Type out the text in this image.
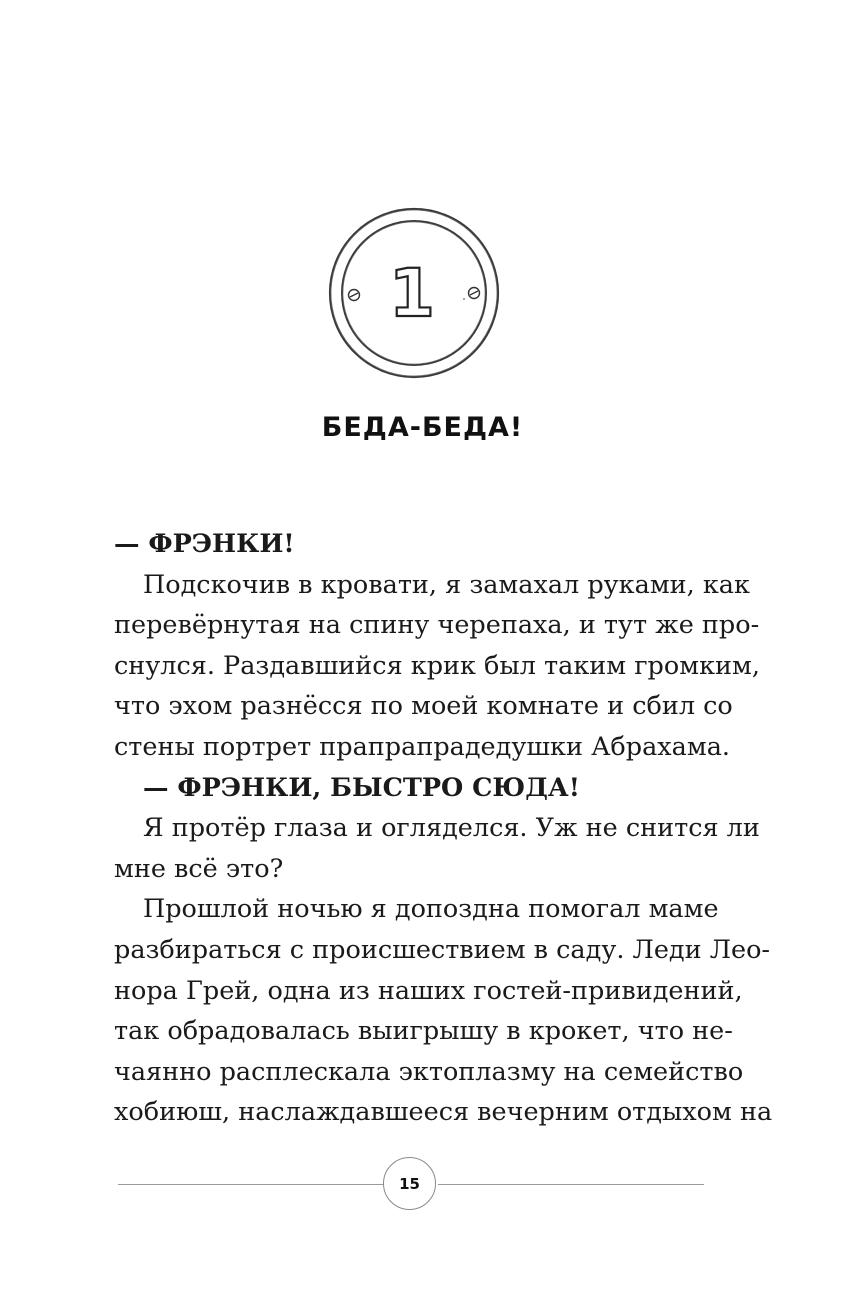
1
БЕДА-БЕДА!
— ФРЭНКИ!
Подскочив в кровати, я замахал руками, как
перевёрнутая на спину черепаха, и тут же про-
снулся. Раздавшийся крик был таким громким,
что эхом разнёсся по моей комнате и сбил со
стены портрет прапрапрадедушки Абрахама.
— ФРЭНКИ, БЫСТРО СЮДА!
Я протёр глаза и огляделся. Уж не снится ли
мне всё это?
Прошлой ночью я допоздна помогал маме
разбираться с происшествием в саду. Леди Лео-
нора Грей, одна из наших гостей-привидений,
так обрадовалась выигрышу в крокет, что не-
чаянно расплескала эктоплазму на семейство
хобиюш, наслаждавшееся вечерним отдыхом на
15
